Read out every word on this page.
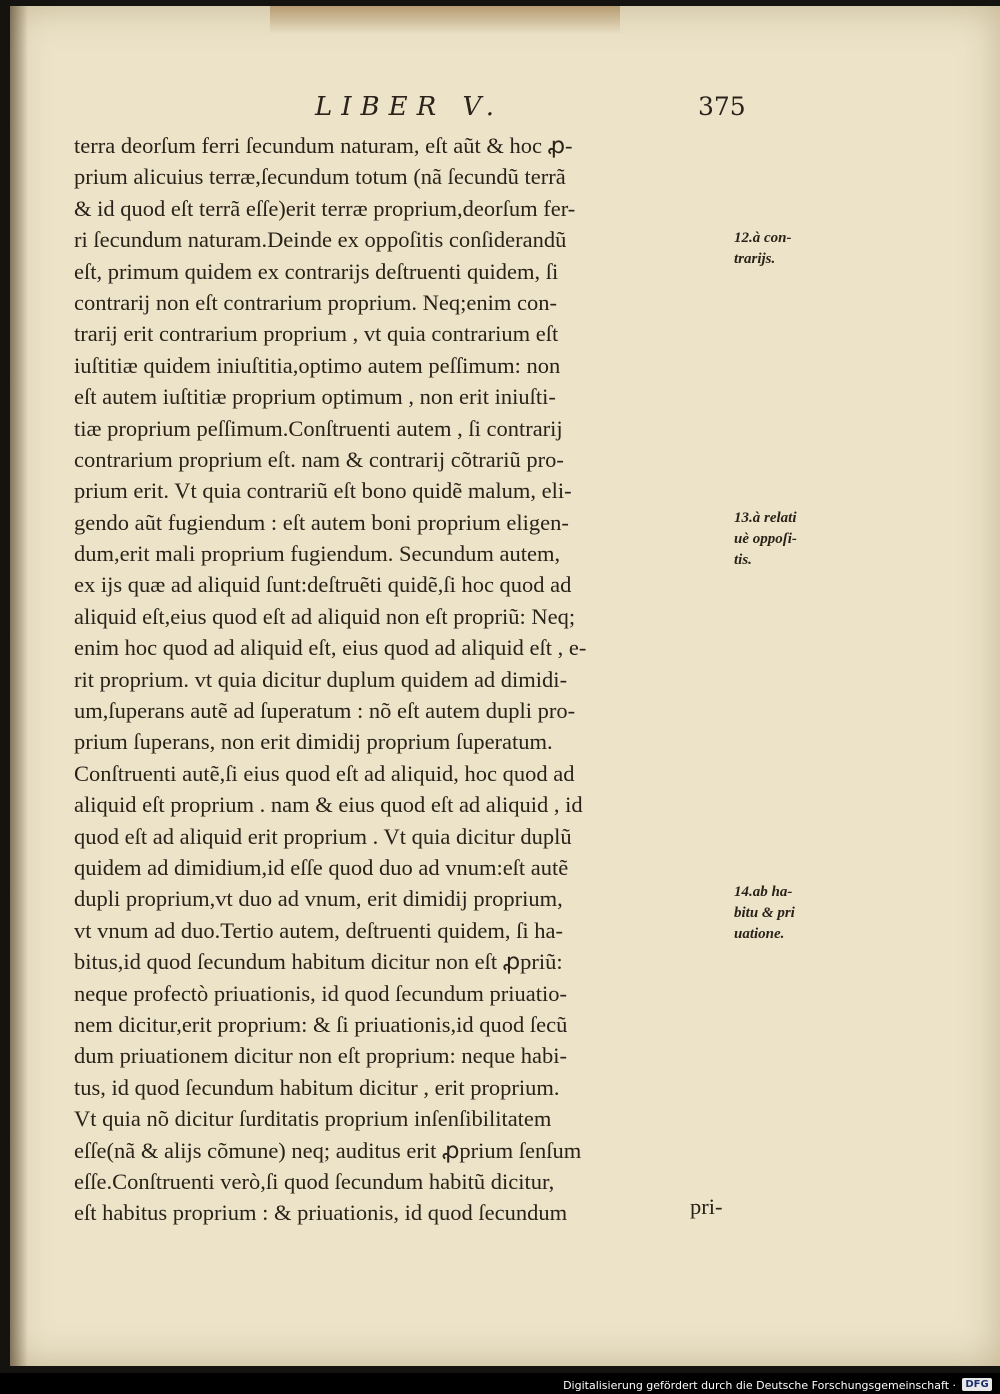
LIBER V.	375
terra deorſum ferri ſecundum naturam, eſt aũt & hoc ꝓ-
prium alicuius terræ,ſecundum totum (nã ſecundũ terrã
& id quod eſt terrã eſſe)erit terræ proprium,deorſum fer-
ri ſecundum naturam.Deinde ex oppoſitis conſiderandũ
eſt, primum quidem ex contrarijs deſtruenti quidem, ſi
contrarij non eſt contrarium proprium. Neq;enim con-
trarij erit contrarium proprium , vt quia contrarium eſt
iuſtitiæ quidem iniuſtitia,optimo autem peſſimum: non
eſt autem iuſtitiæ proprium optimum , non erit iniuſti-
tiæ proprium peſſimum.Conſtruenti autem , ſi contrarij
contrarium proprium eſt. nam & contrarij cõtrariũ pro-
prium erit. Vt quia contrariũ eſt bono quidẽ malum, eli-
gendo aũt fugiendum : eſt autem boni proprium eligen-
dum,erit mali proprium fugiendum. Secundum autem,
ex ijs quæ ad aliquid ſunt:deſtruẽti quidẽ,ſi hoc quod ad
aliquid eſt,eius quod eſt ad aliquid non eſt propriũ: Neq;
enim hoc quod ad aliquid eſt, eius quod ad aliquid eſt , e-
rit proprium. vt quia dicitur duplum quidem ad dimidi-
um,ſuperans autẽ ad ſuperatum : nõ eſt autem dupli pro-
prium ſuperans, non erit dimidij proprium ſuperatum.
Conſtruenti autẽ,ſi eius quod eſt ad aliquid, hoc quod ad
aliquid eſt proprium . nam & eius quod eſt ad aliquid , id
quod eſt ad aliquid erit proprium . Vt quia dicitur duplũ
quidem ad dimidium,id eſſe quod duo ad vnum:eſt autẽ
dupli proprium,vt duo ad vnum, erit dimidij proprium,
vt vnum ad duo.Tertio autem, deſtruenti quidem, ſi ha-
bitus,id quod ſecundum habitum dicitur non eſt ꝓpriũ:
neque profectò priuationis, id quod ſecundum priuatio-
nem dicitur,erit proprium: & ſi priuationis,id quod ſecũ
dum priuationem dicitur non eſt proprium: neque habi-
tus, id quod ſecundum habitum dicitur , erit proprium.
Vt quia nõ dicitur ſurditatis proprium inſenſibilitatem
eſſe(nã & alijs cõmune) neq; auditus erit ꝓprium ſenſum
eſſe.Conſtruenti verò,ſi quod ſecundum habitũ dicitur,
eſt habitus proprium : & priuationis, id quod ſecundum	pri-
12.à con-
trarijs.
13.à relati
uè oppoſi-
tis.
14.ab ha-
bitu & pri
uatione.
Digitalisierung gefördert durch die Deutsche Forschungsgemeinschaft · DFG
